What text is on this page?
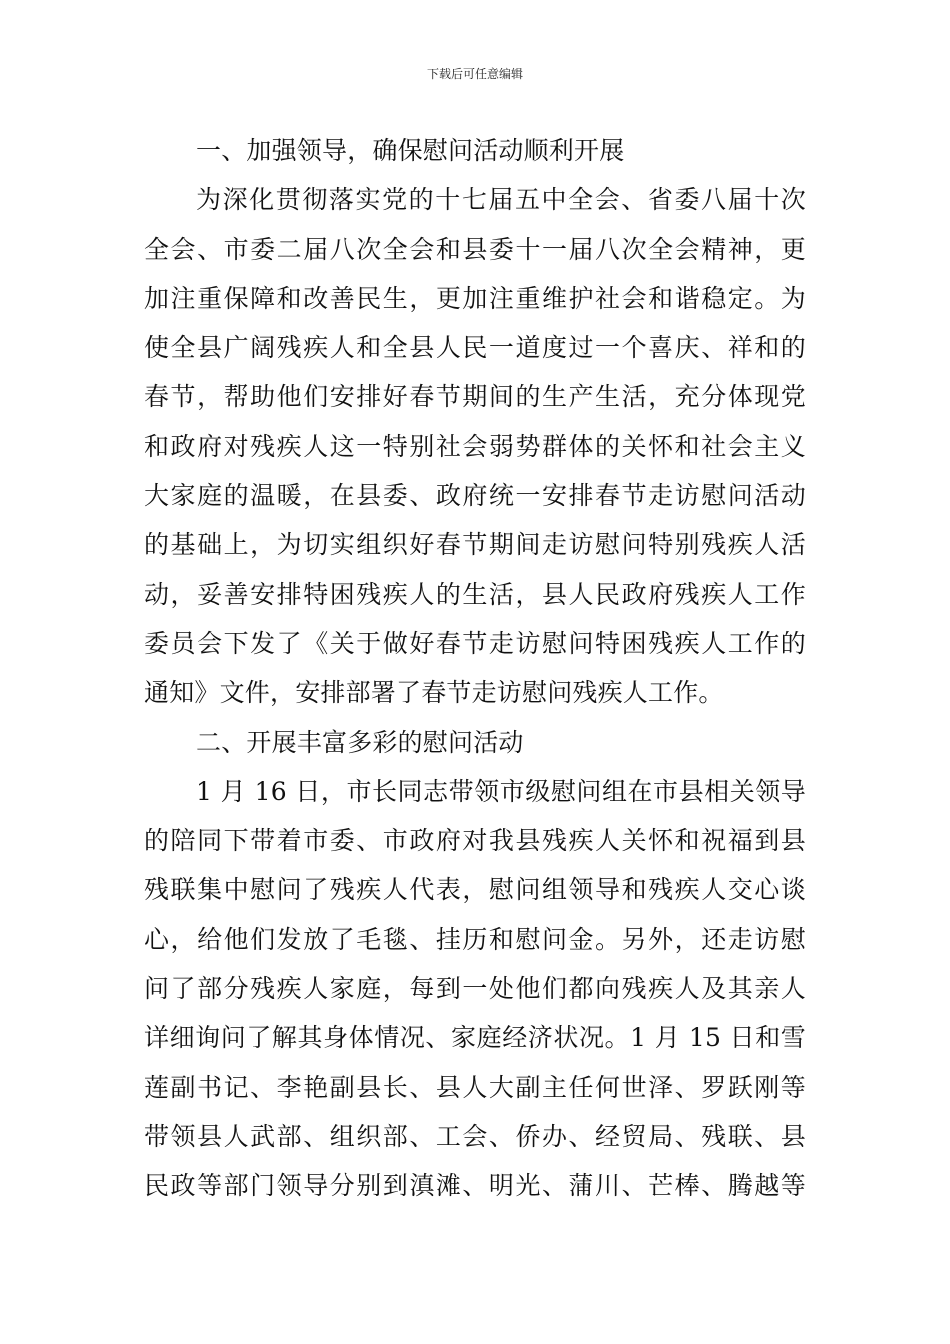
下载后可任意编辑
一、加强领导，确保慰问活动顺利开展
为深化贯彻落实党的十七届五中全会、省委八届十次
全会、市委二届八次全会和县委十一届八次全会精神，更
加注重保障和改善民生，更加注重维护社会和谐稳定。为
使全县广阔残疾人和全县人民一道度过一个喜庆、祥和的
春节，帮助他们安排好春节期间的生产生活，充分体现党
和政府对残疾人这一特别社会弱势群体的关怀和社会主义
大家庭的温暖，在县委、政府统一安排春节走访慰问活动
的基础上，为切实组织好春节期间走访慰问特别残疾人活
动，妥善安排特困残疾人的生活，县人民政府残疾人工作
委员会下发了《关于做好春节走访慰问特困残疾人工作的
通知》文件，安排部署了春节走访慰问残疾人工作。
二、开展丰富多彩的慰问活动
1 月 16 日，市长同志带领市级慰问组在市县相关领导
的陪同下带着市委、市政府对我县残疾人关怀和祝福到县
残联集中慰问了残疾人代表，慰问组领导和残疾人交心谈
心，给他们发放了毛毯、挂历和慰问金。另外，还走访慰
问了部分残疾人家庭，每到一处他们都向残疾人及其亲人
详细询问了解其身体情况、家庭经济状况。1 月 15 日和雪
莲副书记、李艳副县长、县人大副主任何世泽、罗跃刚等
带领县人武部、组织部、工会、侨办、经贸局、残联、县
民政等部门领导分别到滇滩、明光、蒲川、芒棒、腾越等
